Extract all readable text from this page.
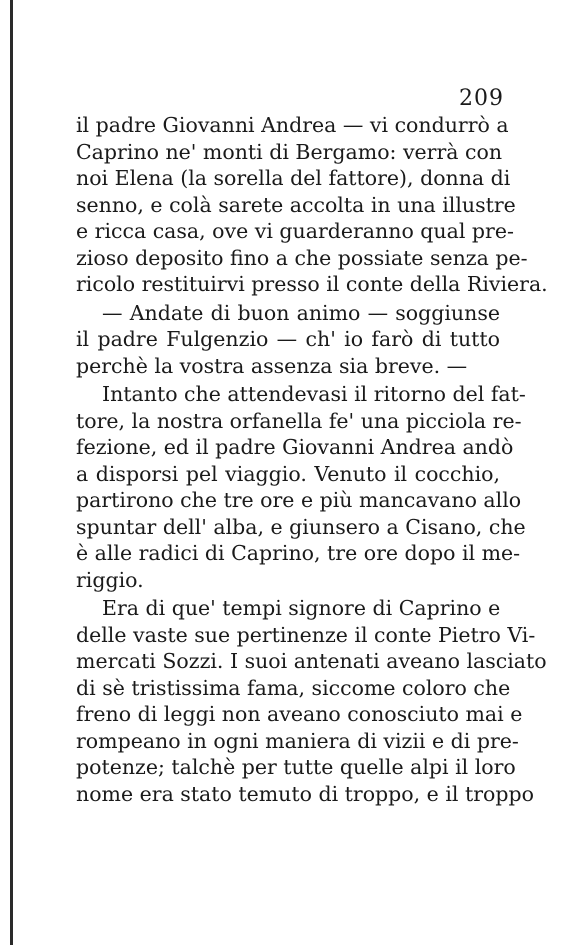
209
il padre Giovanni Andrea — vi condurrò a
Caprino ne' monti di Bergamo: verrà con
noi Elena (la sorella del fattore), donna di
senno, e colà sarete accolta in una illustre
e ricca casa, ove vi guarderanno qual pre-
zioso deposito fino a che possiate senza pe-
ricolo restituirvi presso il conte della Riviera.
— Andate di buon animo — soggiunse
il padre Fulgenzio — ch' io farò di tutto
perchè la vostra assenza sia breve. —
Intanto che attendevasi il ritorno del fat-
tore, la nostra orfanella fe' una picciola re-
fezione, ed il padre Giovanni Andrea andò
a disporsi pel viaggio. Venuto il cocchio,
partirono che tre ore e più mancavano allo
spuntar dell' alba, e giunsero a Cisano, che
è alle radici di Caprino, tre ore dopo il me-
riggio.
Era di que' tempi signore di Caprino e
delle vaste sue pertinenze il conte Pietro Vi-
mercati Sozzi. I suoi antenati aveano lasciato
di sè tristissima fama, siccome coloro che
freno di leggi non aveano conosciuto mai e
rompeano in ogni maniera di vizii e di pre-
potenze; talchè per tutte quelle alpi il loro
nome era stato temuto di troppo, e il troppo
